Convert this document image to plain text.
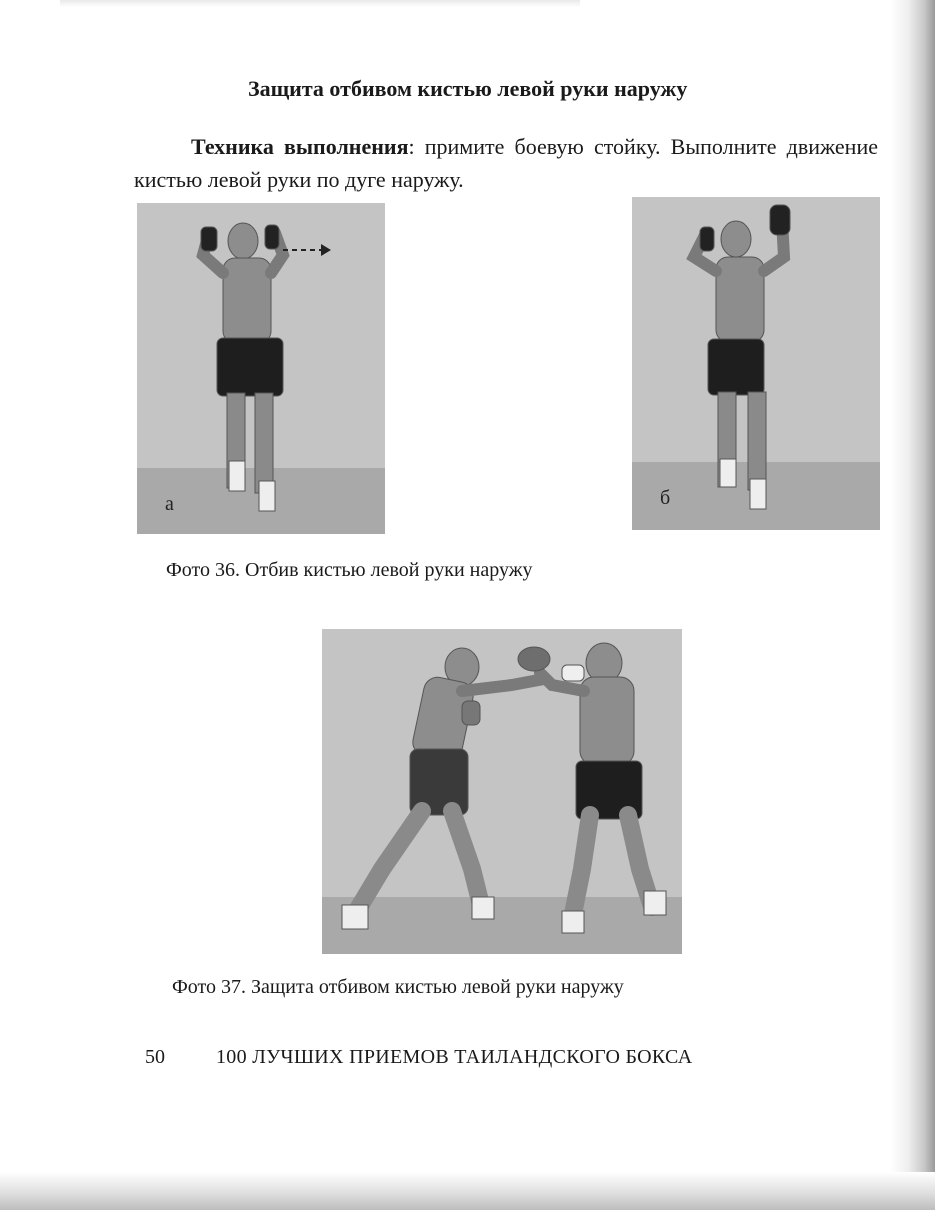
Защита отбивом кистью левой руки наружу

Техника выполнения: примите боевую стойку. Выполните движение кистью левой руки по дуге наружу.

а	б

Фото 36. Отбив кистью левой руки наружу

Фото 37. Защита отбивом кистью левой руки наружу

50	100 ЛУЧШИХ ПРИЕМОВ ТАИЛАНДСКОГО БОКСА
